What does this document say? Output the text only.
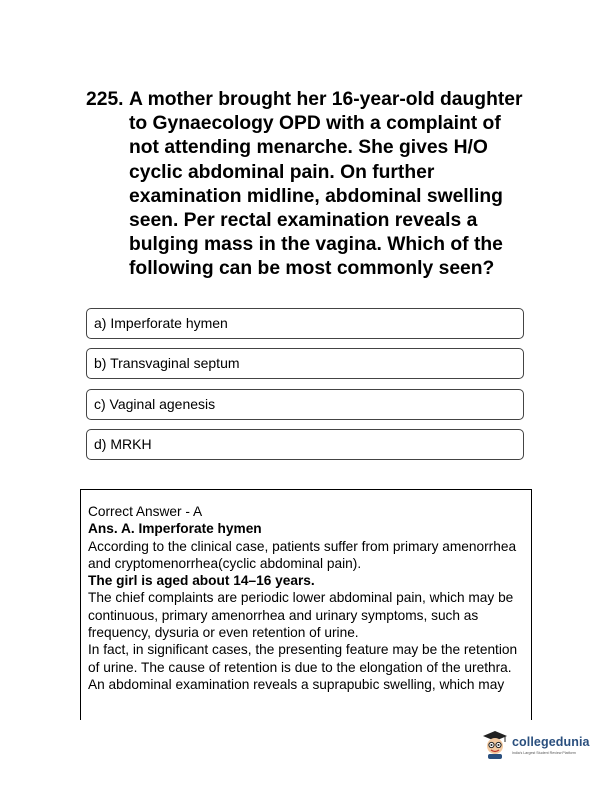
225. A mother brought her 16-year-old daughter to Gynaecology OPD with a complaint of not attending menarche. She gives H/O cyclic abdominal pain. On further examination midline, abdominal swelling seen. Per rectal examination reveals a bulging mass in the vagina. Which of the following can be most commonly seen?
a) Imperforate hymen
b) Transvaginal septum
c) Vaginal agenesis
d) MRKH

Correct Answer - A

Ans. A. Imperforate hymen

According to the clinical case, patients suffer from primary amenorrhea and cryptomenorrhea(cyclic abdominal pain).

The girl is aged about 14–16 years.

The chief complaints are periodic lower abdominal pain, which may be continuous, primary amenorrhea and urinary symptoms, such as frequency, dysuria or even retention of urine.
In fact, in significant cases, the presenting feature may be the retention of urine. The cause of retention is due to the elongation of the urethra.
An abdominal examination reveals a suprapubic swelling, which may
collegedunia
India's Largest Student Review Platform
